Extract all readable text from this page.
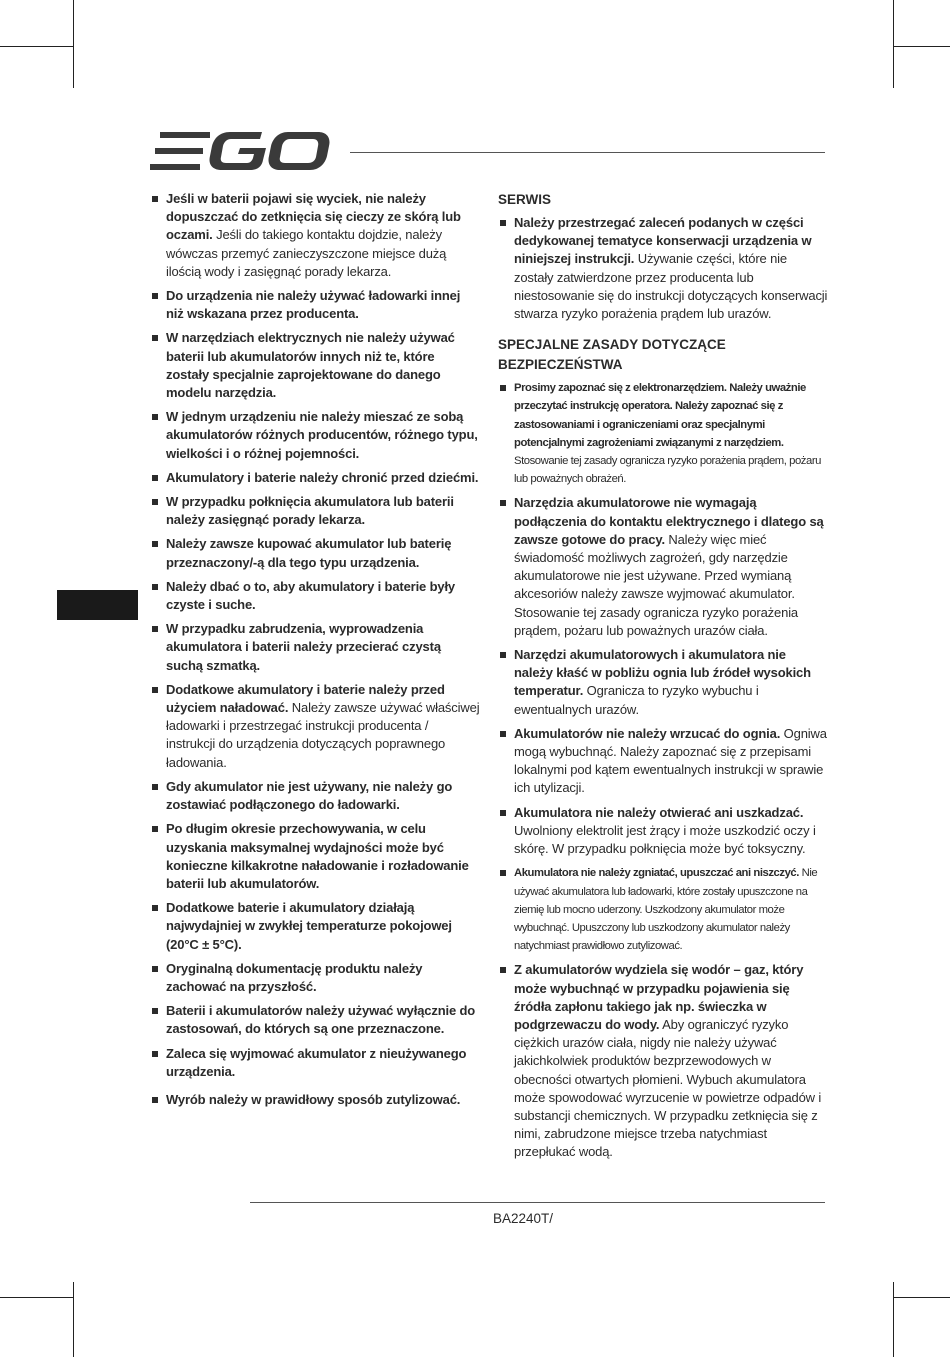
Jeśli w baterii pojawi się wyciek, nie należy dopuszczać do zetknięcia się cieczy ze skórą lub oczami. Jeśli do takiego kontaktu dojdzie, należy wówczas przemyć zanieczyszczone miejsce dużą ilością wody i zasięgnąć porady lekarza.
Do urządzenia nie należy używać ładowarki innej niż wskazana przez producenta.
W narzędziach elektrycznych nie należy używać baterii lub akumulatorów innych niż te, które zostały specjalnie zaprojektowane do danego modelu narzędzia.
W jednym urządzeniu nie należy mieszać ze sobą akumulatorów różnych producentów, różnego typu, wielkości i o różnej pojemności.
Akumulatory i baterie należy chronić przed dziećmi.
W przypadku połknięcia akumulatora lub baterii należy zasięgnąć porady lekarza.
Należy zawsze kupować akumulator lub baterię przeznaczony/-ą dla tego typu urządzenia.
Należy dbać o to, aby akumulatory i baterie były czyste i suche.
W przypadku zabrudzenia, wyprowadzenia akumulatora i baterii należy przecierać czystą suchą szmatką.
Dodatkowe akumulatory i baterie należy przed użyciem naładować. Należy zawsze używać właściwej ładowarki i przestrzegać instrukcji producenta / instrukcji do urządzenia dotyczących poprawnego ładowania.
Gdy akumulator nie jest używany, nie należy go zostawiać podłączonego do ładowarki.
Po długim okresie przechowywania, w celu uzyskania maksymalnej wydajności może być konieczne kilkakrotne naładowanie i rozładowanie baterii lub akumulatorów.
Dodatkowe baterie i akumulatory działają najwydajniej w zwykłej temperaturze pokojowej (20°C ± 5°C).
Oryginalną dokumentację produktu należy zachować na przyszłość.
Baterii i akumulatorów należy używać wyłącznie do zastosowań, do których są one przeznaczone.
Zaleca się wyjmować akumulator z nieużywanego urządzenia.
Wyrób należy w prawidłowy sposób zutylizować.
SERWIS
Należy przestrzegać zaleceń podanych w części dedykowanej tematyce konserwacji urządzenia w niniejszej instrukcji. Używanie części, które nie zostały zatwierdzone przez producenta lub niestosowanie się do instrukcji dotyczących konserwacji stwarza ryzyko porażenia prądem lub urazów.
SPECJALNE ZASADY DOTYCZĄCE BEZPIECZEŃSTWA
Prosimy zapoznać się z elektronarzędziem. Należy uważnie przeczytać instrukcję operatora. Należy zapoznać się z zastosowaniami i ograniczeniami oraz specjalnymi potencjalnymi zagrożeniami związanymi z narzędziem. Stosowanie tej zasady ogranicza ryzyko porażenia prądem, pożaru lub poważnych obrażeń.
Narzędzia akumulatorowe nie wymagają podłączenia do kontaktu elektrycznego i dlatego są zawsze gotowe do pracy. Należy więc mieć świadomość możliwych zagrożeń, gdy narzędzie akumulatorowe nie jest używane. Przed wymianą akcesoriów należy zawsze wyjmować akumulator. Stosowanie tej zasady ogranicza ryzyko porażenia prądem, pożaru lub poważnych urazów ciała.
Narzędzi akumulatorowych i akumulatora nie należy kłaść w pobliżu ognia lub źródeł wysokich temperatur. Ogranicza to ryzyko wybuchu i ewentualnych urazów.
Akumulatorów nie należy wrzucać do ognia. Ogniwa mogą wybuchnąć. Należy zapoznać się z przepisami lokalnymi pod kątem ewentualnych instrukcji w sprawie ich utylizacji.
Akumulatora nie należy otwierać ani uszkadzać. Uwolniony elektrolit jest żrący i może uszkodzić oczy i skórę. W przypadku połknięcia może być toksyczny.
Akumulatora nie należy zgniatać, upuszczać ani niszczyć. Nie używać akumulatora lub ładowarki, które zostały upuszczone na ziemię lub mocno uderzony. Uszkodzony akumulator może wybuchnąć. Upuszczony lub uszkodzony akumulator należy natychmiast prawidłowo zutylizować.
Z akumulatorów wydziela się wodór – gaz, który może wybuchnąć w przypadku pojawienia się źródła zapłonu takiego jak np. świeczka w podgrzewaczu do wody. Aby ograniczyć ryzyko ciężkich urazów ciała, nigdy nie należy używać jakichkolwiek produktów bezprzewodowych w obecności otwartych płomieni. Wybuch akumulatora może spowodować wyrzucenie w powietrze odpadów i substancji chemicznych. W przypadku zetknięcia się z nimi, zabrudzone miejsce trzeba natychmiast przepłukać wodą.
BA2240T/
